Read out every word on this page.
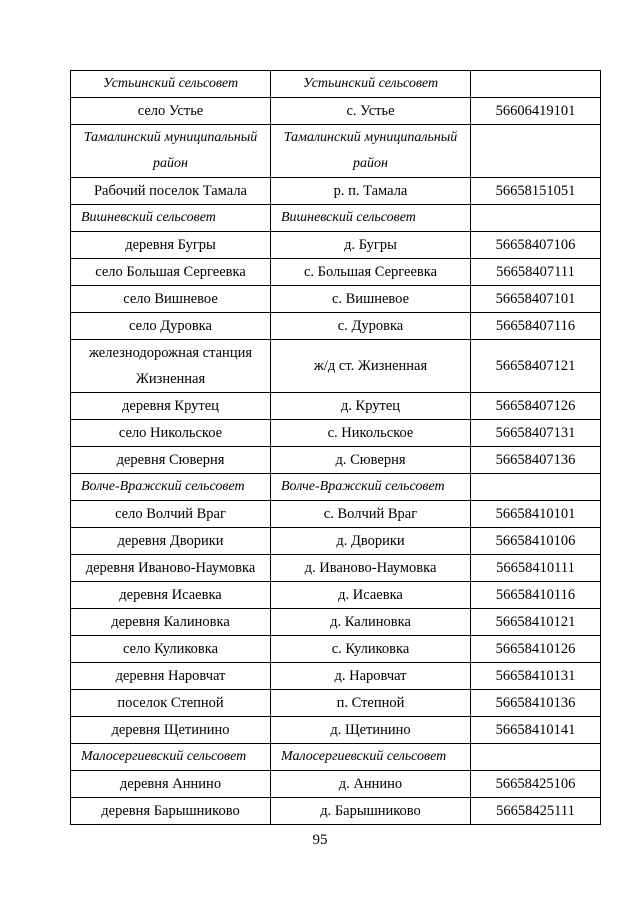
Устьинский сельсовет	Устьинский сельсовет	
село Устье	с. Устье	56606419101
Тамалинский муниципальный район	Тамалинский муниципальный район	
Рабочий поселок Тамала	р. п. Тамала	56658151051
Вишневский сельсовет	Вишневский сельсовет	
деревня Бугры	д. Бугры	56658407106
село Большая Сергеевка	с. Большая Сергеевка	56658407111
село Вишневое	с. Вишневое	56658407101
село Дуровка	с. Дуровка	56658407116
железнодорожная станция Жизненная	ж/д ст. Жизненная	56658407121
деревня Крутец	д. Крутец	56658407126
село Никольское	с. Никольское	56658407131
деревня Сюверня	д. Сюверня	56658407136
Волче-Вражский сельсовет	Волче-Вражский сельсовет	
село Волчий Враг	с. Волчий Враг	56658410101
деревня Дворики	д. Дворики	56658410106
деревня Иваново-Наумовка	д. Иваново-Наумовка	56658410111
деревня Исаевка	д. Исаевка	56658410116
деревня Калиновка	д. Калиновка	56658410121
село Куликовка	с. Куликовка	56658410126
деревня Наровчат	д. Наровчат	56658410131
поселок Степной	п. Степной	56658410136
деревня Щетинино	д. Щетинино	56658410141
Малосергиевский сельсовет	Малосергиевский сельсовет	
деревня Аннино	д. Аннино	56658425106
деревня Барышниково	д. Барышниково	56658425111
95
